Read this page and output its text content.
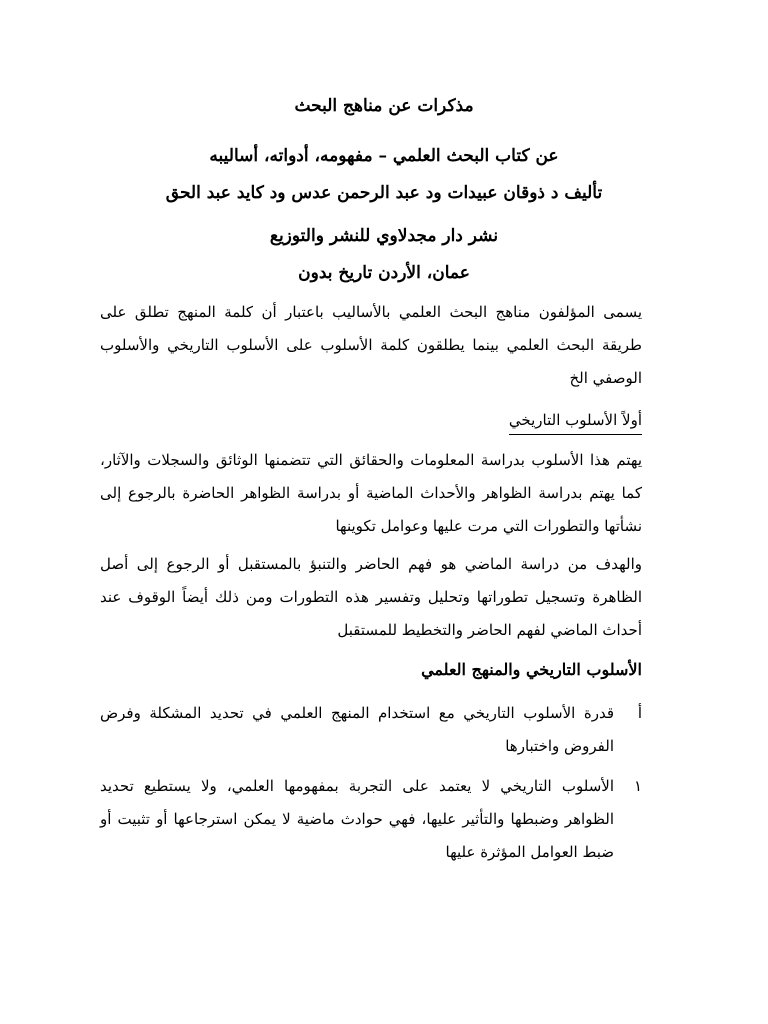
مذكرات عن مناهج البحث
عن كتاب البحث العلمي – مفهومه، أدواته، أساليبه
تأليف د ذوقان عبيدات ود عبد الرحمن عدس ود كايد عبد الحق
نشر دار مجدلاوي للنشر والتوزيع
عمان، الأردن تاريخ بدون
يسمى المؤلفون مناهج البحث العلمي بالأساليب باعتبار أن كلمة المنهج تطلق على طريقة البحث العلمي بينما يطلقون كلمة الأسلوب على الأسلوب التاريخي والأسلوب الوصفي الخ
أولاً الأسلوب التاريخي
يهتم هذا الأسلوب بدراسة المعلومات والحقائق التي تتضمنها الوثائق والسجلات والآثار، كما يهتم بدراسة الظواهر والأحداث الماضية أو بدراسة الظواهر الحاضرة بالرجوع إلى نشأتها والتطورات التي مرت عليها وعوامل تكوينها
والهدف من دراسة الماضي هو فهم الحاضر والتنبؤ بالمستقبل أو الرجوع إلى أصل الظاهرة وتسجيل تطوراتها وتحليل وتفسير هذه التطورات ومن ذلك أيضاً الوقوف عند أحداث الماضي لفهم الحاضر والتخطيط للمستقبل
الأسلوب التاريخي والمنهج العلمي
أ
قدرة الأسلوب التاريخي مع استخدام المنهج العلمي في تحديد المشكلة وفرض الفروض واختبارها
١
الأسلوب التاريخي لا يعتمد على التجربة بمفهومها العلمي، ولا يستطيع تحديد الظواهر وضبطها والتأثير عليها، فهي حوادث ماضية لا يمكن استرجاعها أو تثبيت أو ضبط العوامل المؤثرة عليها
